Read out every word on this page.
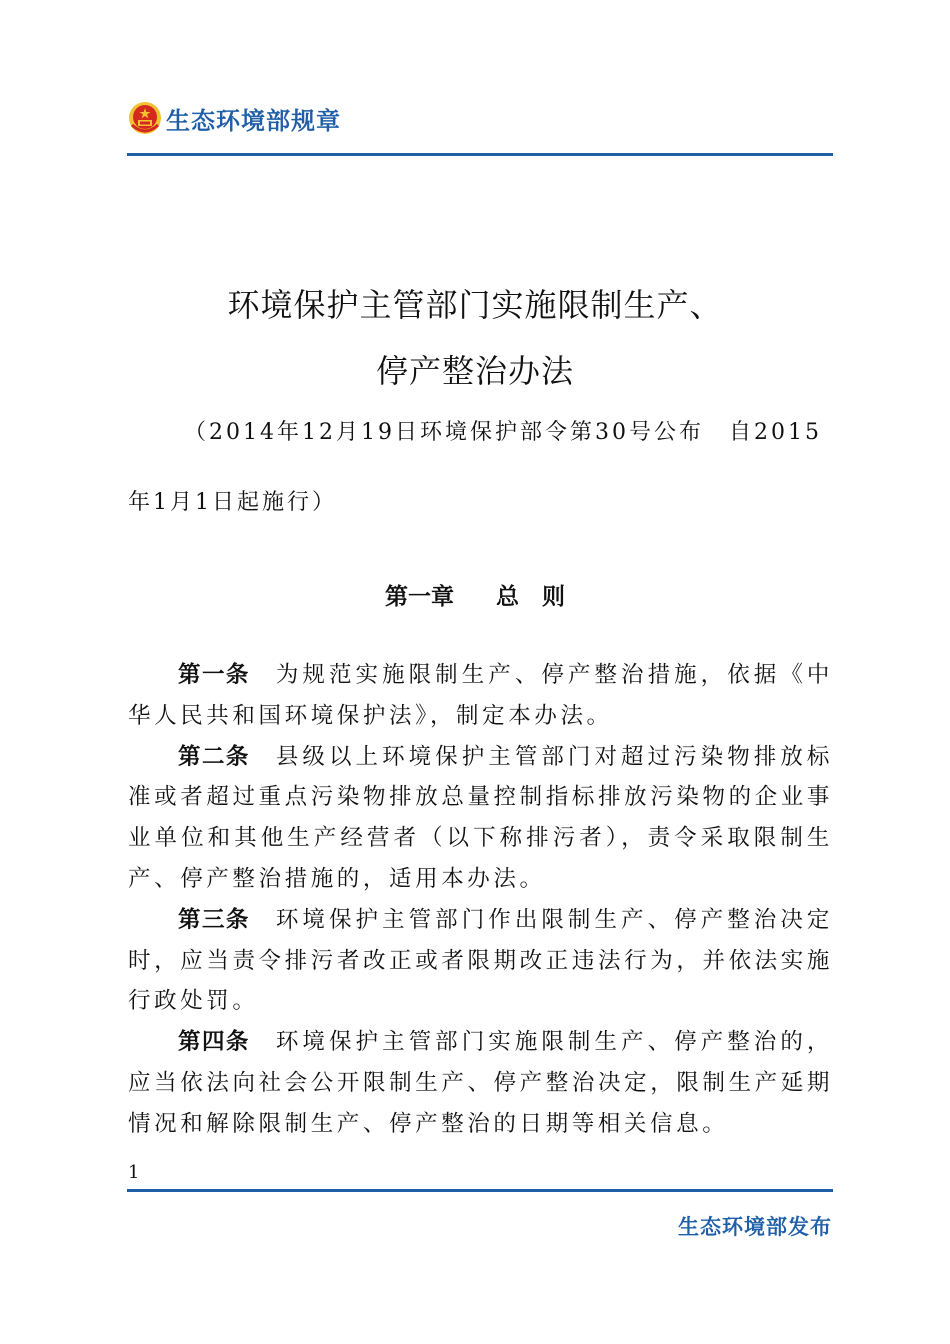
生态环境部规章
环境保护主管部门实施限制生产、
停产整治办法
（2014年12月19日环境保护部令第30号公布　自2015年1月1日起施行）
第一章 总　则

第一条 为规范实施限制生产、停产整治措施，依据《中华人民共和国环境保护法》，制定本办法。

第二条 县级以上环境保护主管部门对超过污染物排放标准或者超过重点污染物排放总量控制指标排放污染物的企业事业单位和其他生产经营者（以下称排污者），责令采取限制生产、停产整治措施的，适用本办法。

第三条 环境保护主管部门作出限制生产、停产整治决定时，应当责令排污者改正或者限期改正违法行为，并依法实施行政处罚。

第四条 环境保护主管部门实施限制生产、停产整治的，应当依法向社会公开限制生产、停产整治决定，限制生产延期情况和解除限制生产、停产整治的日期等相关信息。

1
生态环境部发布
